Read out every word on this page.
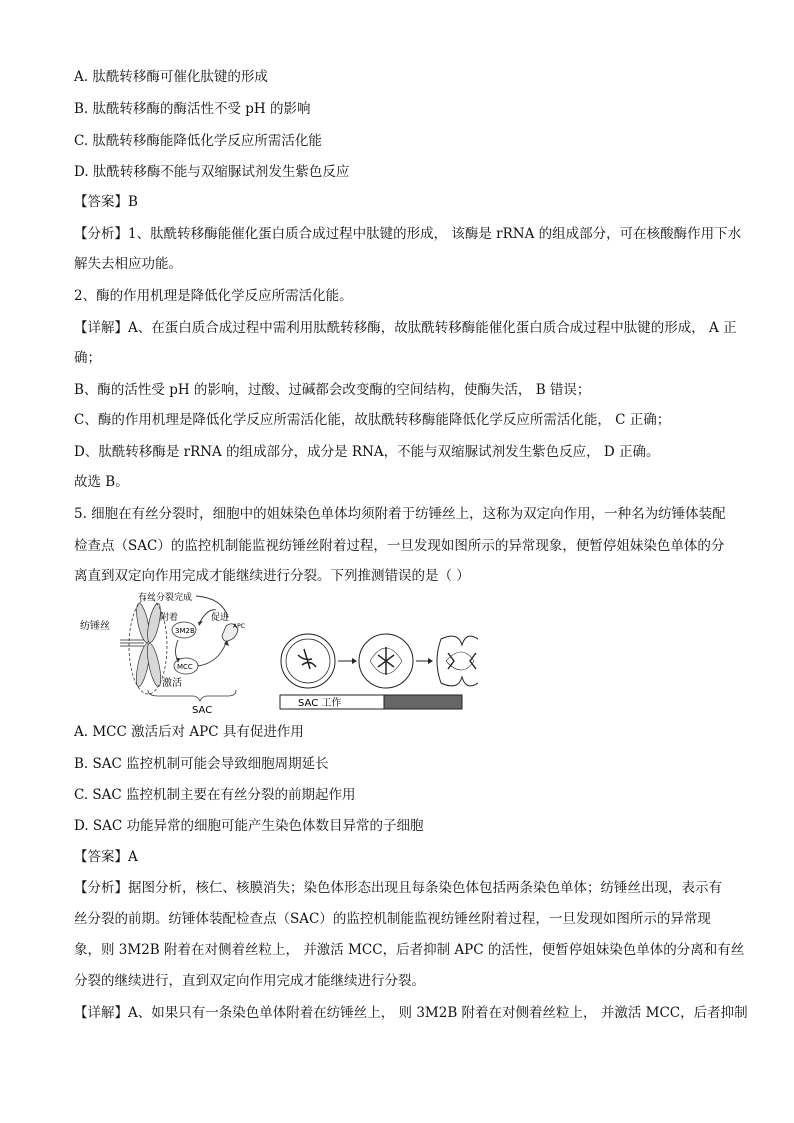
A. 肽酰转移酶可催化肽键的形成
B. 肽酰转移酶的酶活性不受 pH 的影响
C. 肽酰转移酶能降低化学反应所需活化能
D. 肽酰转移酶不能与双缩脲试剂发生紫色反应
【答案】B
【分析】1、肽酰转移酶能催化蛋白质合成过程中肽键的形成， 该酶是 rRNA 的组成部分，可在核酸酶作用下水
解失去相应功能。
2、酶的作用机理是降低化学反应所需活化能。
【详解】A、在蛋白质合成过程中需利用肽酰转移酶，故肽酰转移酶能催化蛋白质合成过程中肽键的形成， A 正
确；
B、酶的活性受 pH 的影响，过酸、过碱都会改变酶的空间结构，使酶失活， B 错误；
C、酶的作用机理是降低化学反应所需活化能，故肽酰转移酶能降低化学反应所需活化能， C 正确；
D、肽酰转移酶是 rRNA 的组成部分，成分是 RNA，不能与双缩脲试剂发生紫色反应， D 正确。
故选 B。
5. 细胞在有丝分裂时，细胞中的姐妹染色单体均须附着于纺锤丝上，这称为双定向作用，一种名为纺锤体装配
检查点（SAC）的监控机制能监视纺锤丝附着过程，一旦发现如图所示的异常现象，便暂停姐妹染色单体的分
离直到双定向作用完成才能继续进行分裂。下列推测错误的是（ ）
纺锤丝
有丝分裂完成
附着	促进
3M2B
APC
MCC
激活
SAC
SAC 工作
A. MCC 激活后对 APC 具有促进作用
B. SAC 监控机制可能会导致细胞周期延长
C. SAC 监控机制主要在有丝分裂的前期起作用
D. SAC 功能异常的细胞可能产生染色体数目异常的子细胞
【答案】A
【分析】据图分析，核仁、核膜消失；染色体形态出现且每条染色体包括两条染色单体；纺锤丝出现，表示有
丝分裂的前期。纺锤体装配检查点（SAC）的监控机制能监视纺锤丝附着过程，一旦发现如图所示的异常现
象，则 3M2B 附着在对侧着丝粒上， 并激活 MCC，后者抑制 APC 的活性，便暂停姐妹染色单体的分离和有丝
分裂的继续进行，直到双定向作用完成才能继续进行分裂。
【详解】A、如果只有一条染色单体附着在纺锤丝上， 则 3M2B 附着在对侧着丝粒上， 并激活 MCC，后者抑制
